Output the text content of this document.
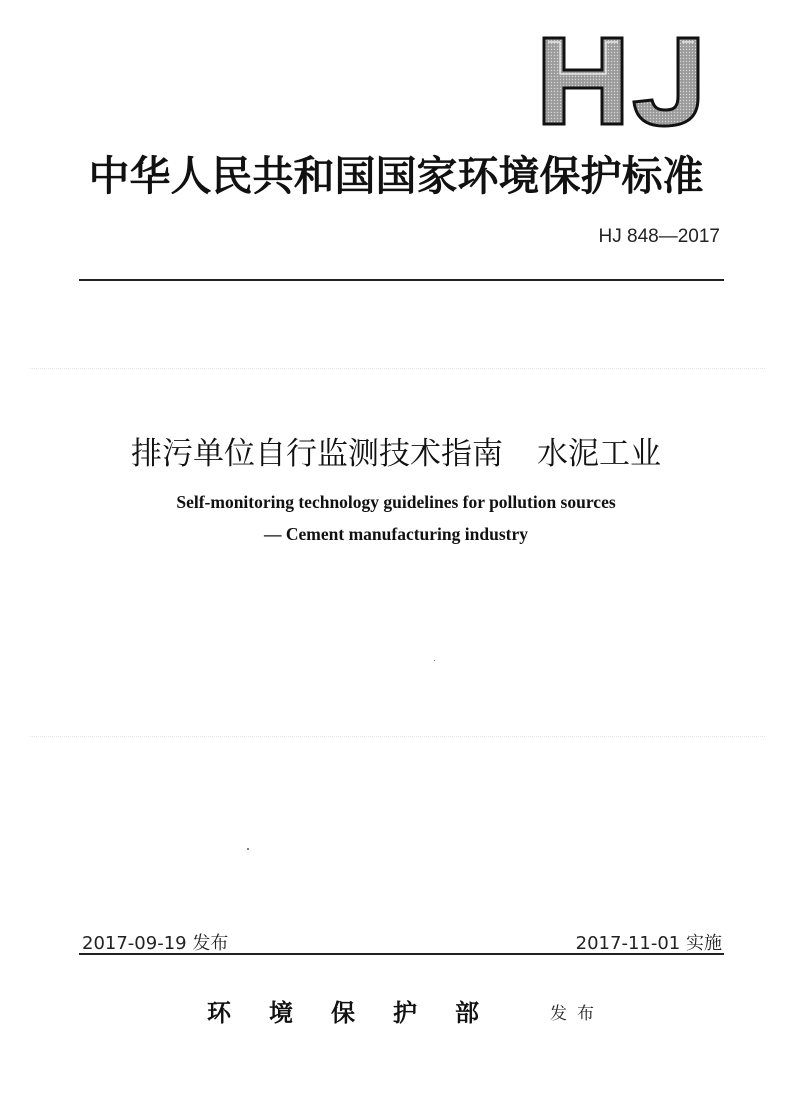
中华人民共和国国家环境保护标准
HJ 848—2017
排污单位自行监测技术指南 水泥工业
Self-monitoring technology guidelines for pollution sources
— Cement manufacturing industry
2017-09-19 发布	2017-11-01 实施
环 境 保 护 部	发布
